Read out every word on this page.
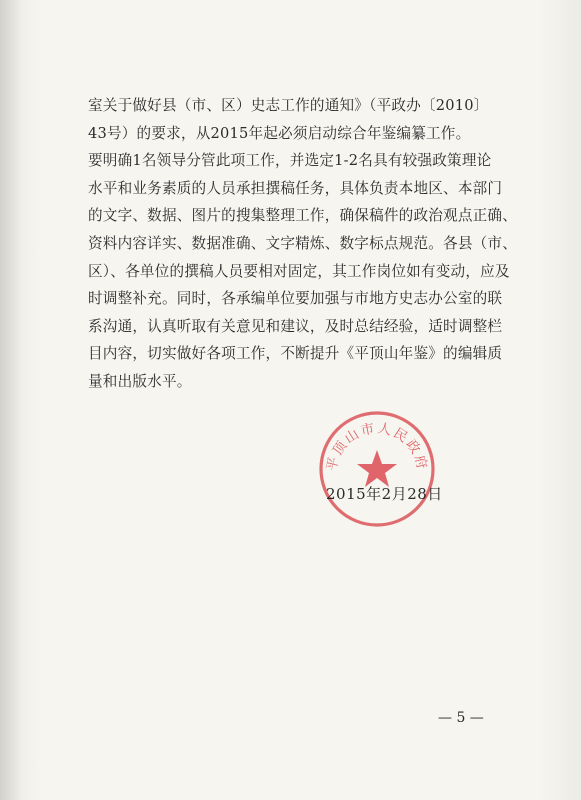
室关于做好县（市、区）史志工作的通知》（平政办〔2010〕
43号）的要求，从2015年起必须启动综合年鉴编纂工作。
要明确1名领导分管此项工作，并选定1-2名具有较强政策理论
水平和业务素质的人员承担撰稿任务，具体负责本地区、本部门
的文字、数据、图片的搜集整理工作，确保稿件的政治观点正确、
资料内容详实、数据准确、文字精炼、数字标点规范。各县（市、
区）、各单位的撰稿人员要相对固定，其工作岗位如有变动，应及
时调整补充。同时，各承编单位要加强与市地方史志办公室的联
系沟通，认真听取有关意见和建议，及时总结经验，适时调整栏
目内容，切实做好各项工作，不断提升《平顶山年鉴》的编辑质
量和出版水平。
平顶山市人民政府
2015年2月28日
— 5 —
